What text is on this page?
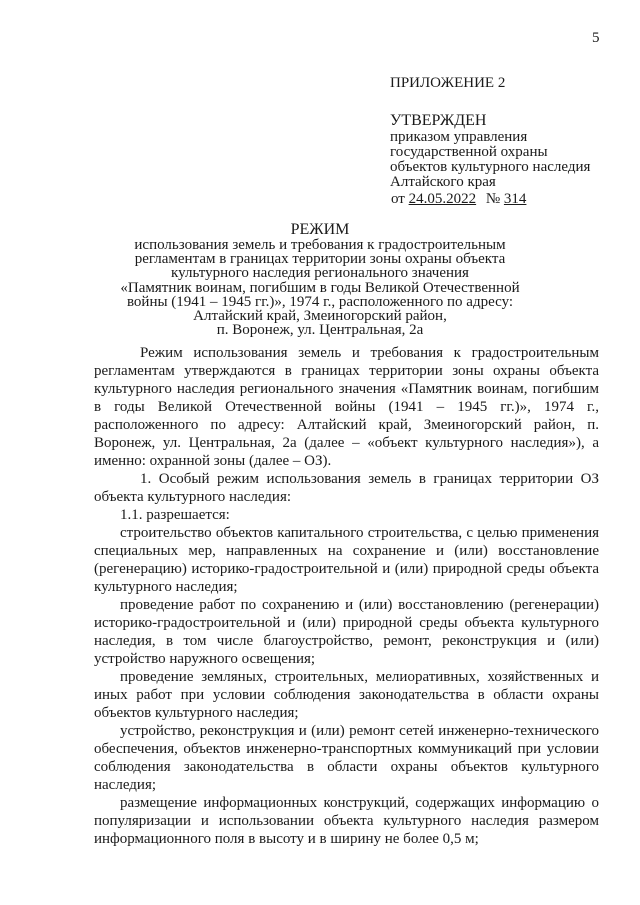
5
ПРИЛОЖЕНИЕ 2
УТВЕРЖДЕН
приказом управления
государственной охраны
объектов культурного наследия
Алтайского края
от 24.05.2022 № 314
РЕЖИМ
использования земель и требования к градостроительным
регламентам в границах территории зоны охраны объекта
культурного наследия регионального значения
«Памятник воинам, погибшим в годы Великой Отечественной
войны (1941 – 1945 гг.)», 1974 г., расположенного по адресу:
Алтайский край, Змеиногорский район,
п. Воронеж, ул. Центральная, 2а

Режим использования земель и требования к градостроительным регламентам утверждаются в границах территории зоны охраны объекта культурного наследия регионального значения «Памятник воинам, погибшим в годы Великой Отечественной войны (1941 – 1945 гг.)», 1974 г., расположенного по адресу: Алтайский край, Змеиногорский район, п. Воронеж, ул. Центральная, 2а (далее – «объект культурного наследия»), а именно: охранной зоны (далее – ОЗ).

1. Особый режим использования земель в границах территории ОЗ объекта культурного наследия:

1.1. разрешается:

строительство объектов капитального строительства, с целью применения специальных мер, направленных на сохранение и (или) восстановление (регенерацию) историко-градостроительной и (или) природной среды объекта культурного наследия;

проведение работ по сохранению и (или) восстановлению (регенерации) историко-градостроительной и (или) природной среды объекта культурного наследия, в том числе благоустройство, ремонт, реконструкция и (или) устройство наружного освещения;

проведение земляных, строительных, мелиоративных, хозяйственных и иных работ при условии соблюдения законодательства в области охраны объектов культурного наследия;

устройство, реконструкция и (или) ремонт сетей инженерно-технического обеспечения, объектов инженерно-транспортных коммуникаций при условии соблюдения законодательства в области охраны объектов культурного наследия;

размещение информационных конструкций, содержащих информацию о популяризации и использовании объекта культурного наследия размером информационного поля в высоту и в ширину не более 0,5 м;
